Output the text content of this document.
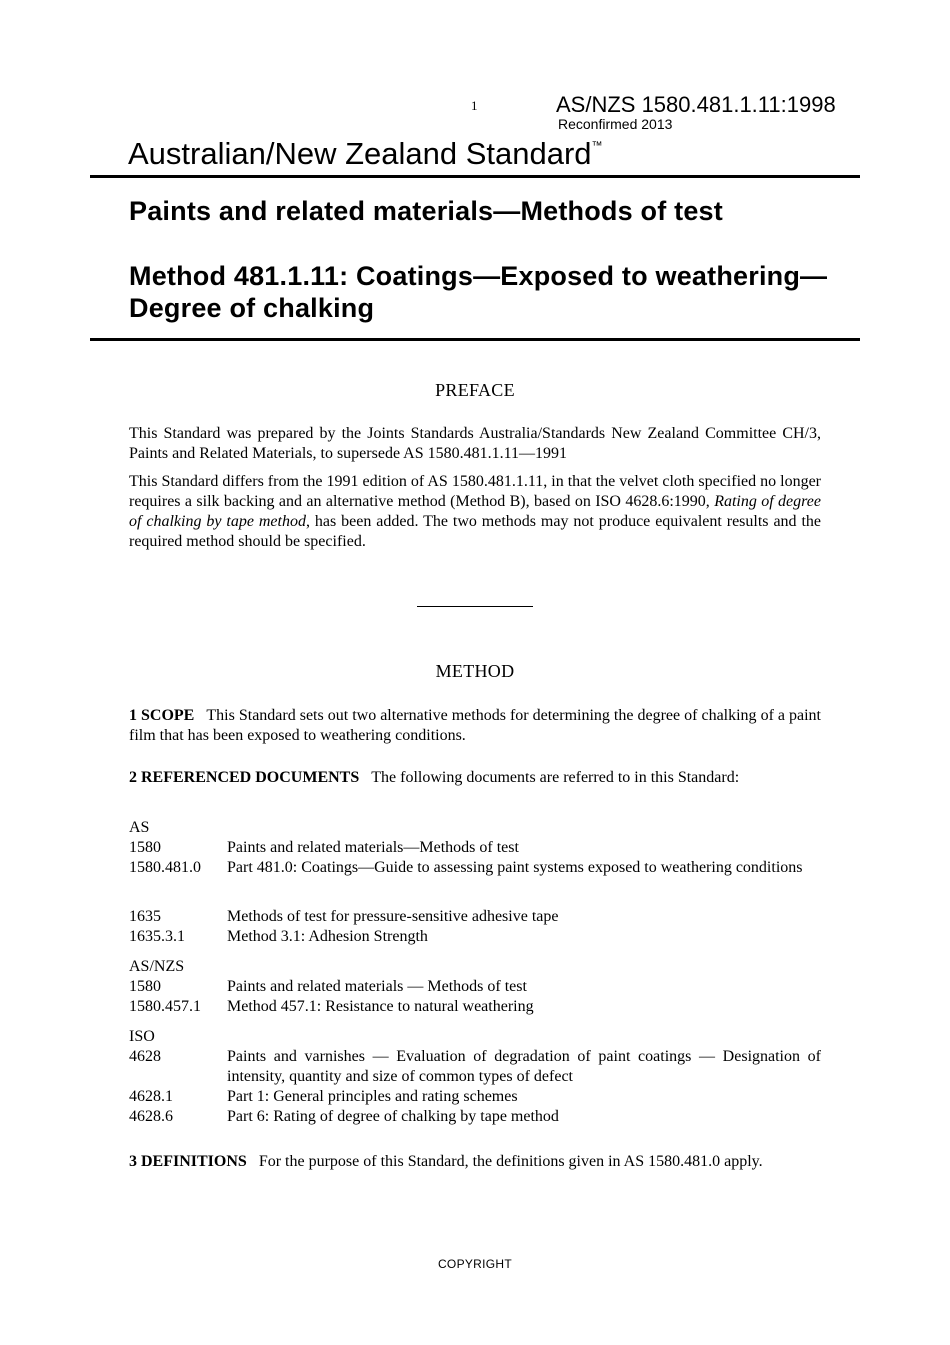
1	AS/NZS 1580.481.1.11:1998
Reconfirmed 2013
Australian/New Zealand Standard™
Paints and related materials—Methods of test
Method 481.1.11: Coatings—Exposed to weathering—Degree of chalking
PREFACE
This Standard was prepared by the Joints Standards Australia/Standards New Zealand Committee CH/3, Paints and Related Materials, to supersede AS 1580.481.1.11—1991
This Standard differs from the 1991 edition of AS 1580.481.1.11, in that the velvet cloth specified no longer requires a silk backing and an alternative method (Method B), based on ISO 4628.6:1990, Rating of degree of chalking by tape method, has been added. The two methods may not produce equivalent results and the required method should be specified.
METHOD
1 SCOPE This Standard sets out two alternative methods for determining the degree of chalking of a paint film that has been exposed to weathering conditions.
2 REFERENCED DOCUMENTS The following documents are referred to in this Standard:
AS
1580	Paints and related materials—Methods of test
1580.481.0	Part 481.0: Coatings—Guide to assessing paint systems exposed to weathering conditions
1635	Methods of test for pressure-sensitive adhesive tape
1635.3.1	Method 3.1: Adhesion Strength
AS/NZS
1580	Paints and related materials — Methods of test
1580.457.1	Method 457.1: Resistance to natural weathering
ISO
4628	Paints and varnishes — Evaluation of degradation of paint coatings — Designation of intensity, quantity and size of common types of defect
4628.1	Part 1: General principles and rating schemes
4628.6	Part 6: Rating of degree of chalking by tape method
3 DEFINITIONS For the purpose of this Standard, the definitions given in AS 1580.481.0 apply.
COPYRIGHT
